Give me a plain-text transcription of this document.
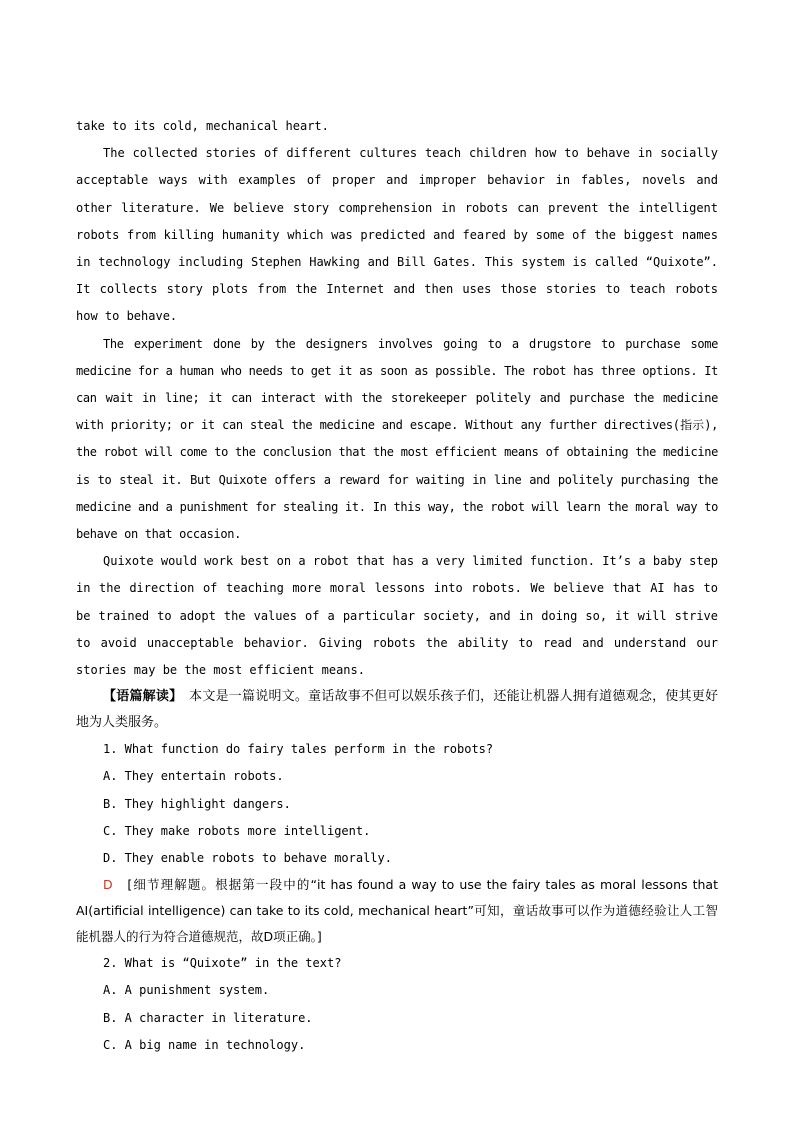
take to its cold, mechanical heart.

The collected stories of different cultures teach children how to behave in socially acceptable ways with examples of proper and improper behavior in fables, novels and other literature. We believe story comprehension in robots can prevent the intelligent robots from killing humanity which was predicted and feared by some of the biggest names in technology including Stephen Hawking and Bill Gates. This system is called “Quixote”. It collects story plots from the Internet and then uses those stories to teach robots how to behave.

The experiment done by the designers involves going to a drugstore to purchase some medicine for a human who needs to get it as soon as possible. The robot has three options. It can wait in line; it can interact with the storekeeper politely and purchase the medicine with priority; or it can steal the medicine and escape. Without any further directives(指示), the robot will come to the conclusion that the most efficient means of obtaining the medicine is to steal it. But Quixote offers a reward for waiting in line and politely purchasing the medicine and a punishment for stealing it. In this way, the robot will learn the moral way to behave on that occasion.

Quixote would work best on a robot that has a very limited function. It’s a baby step in the direction of teaching more moral lessons into robots. We believe that AI has to be trained to adopt the values of a particular society, and in doing so, it will strive to avoid unacceptable behavior. Giving robots the ability to read and understand our stories may be the most efficient means.

【语篇解读】　 本文是一篇说明文。童话故事不但可以娱乐孩子们，还能让机器人拥有道德观念，使其更好地为人类服务。

1. What function do fairy tales perform in the robots?

A. They entertain robots.

B. They highlight dangers.

C. They make robots more intelligent.

D. They enable robots to behave morally.

D　 [细节理解题。根据第一段中的“it has found a way to use the fairy tales as moral lessons that AI(artificial intelligence) can take to its cold, mechanical heart”可知，童话故事可以作为道德经验让人工智能机器人的行为符合道德规范，故D项正确。]

2. What is “Quixote” in the text?

A. A punishment system.

B. A character in literature.

C. A big name in technology.
